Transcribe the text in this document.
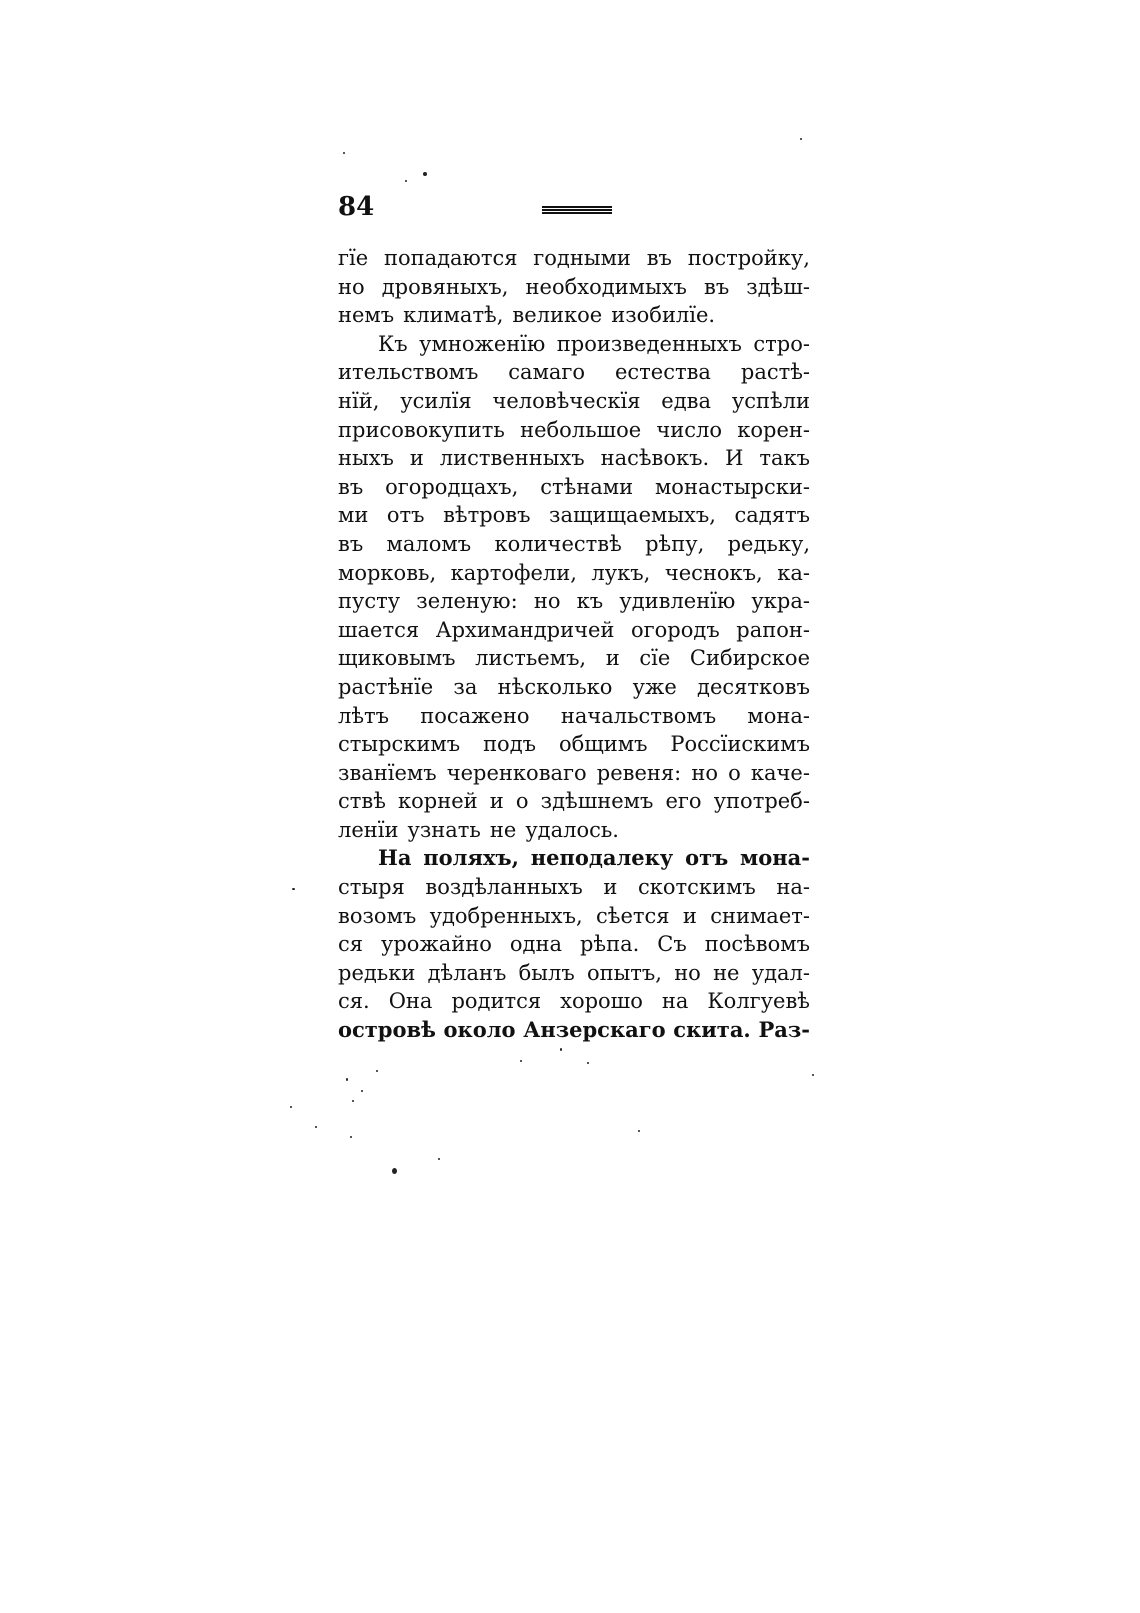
84
гїе попадаются годными въ постройку,
но дровяныхъ, необходимыхъ въ здѣш-
немъ климатѣ, великое изобилїе.
Къ умноженїю произведенныхъ стро-
ительствомъ самаго естества растѣ-
нїй, усилїя человѣческїя едва успѣли
присовокупить небольшое число корен-
ныхъ и лиственныхъ насѣвокъ. И такъ
въ огородцахъ, стѣнами монастырски-
ми отъ вѣтровъ защищаемыхъ, садятъ
въ маломъ количествѣ рѣпу, редьку,
морковь, картофели, лукъ, чеснокъ, ка-
пусту зеленую: но къ удивленїю укра-
шается Архимандричей огородъ рапон-
щиковымъ листьемъ, и сїе Сибирское
растѣнїе за нѣсколько уже десятковъ
лѣтъ посажено начальствомъ мона-
стырскимъ подъ общимъ Россїискимъ
званїемъ черенковаго ревеня: но о каче-
ствѣ корней и о здѣшнемъ его употреб-
ленїи узнать не удалось.
На поляхъ, неподалеку отъ мона-
стыря воздѣланныхъ и скотскимъ на-
возомъ удобренныхъ, сѣется и снимает-
ся урожайно одна рѣпа. Съ посѣвомъ
редьки дѣланъ былъ опытъ, но не удал-
ся. Она родится хорошо на Колгуевѣ
островѣ около Анзерскаго скита. Раз-
